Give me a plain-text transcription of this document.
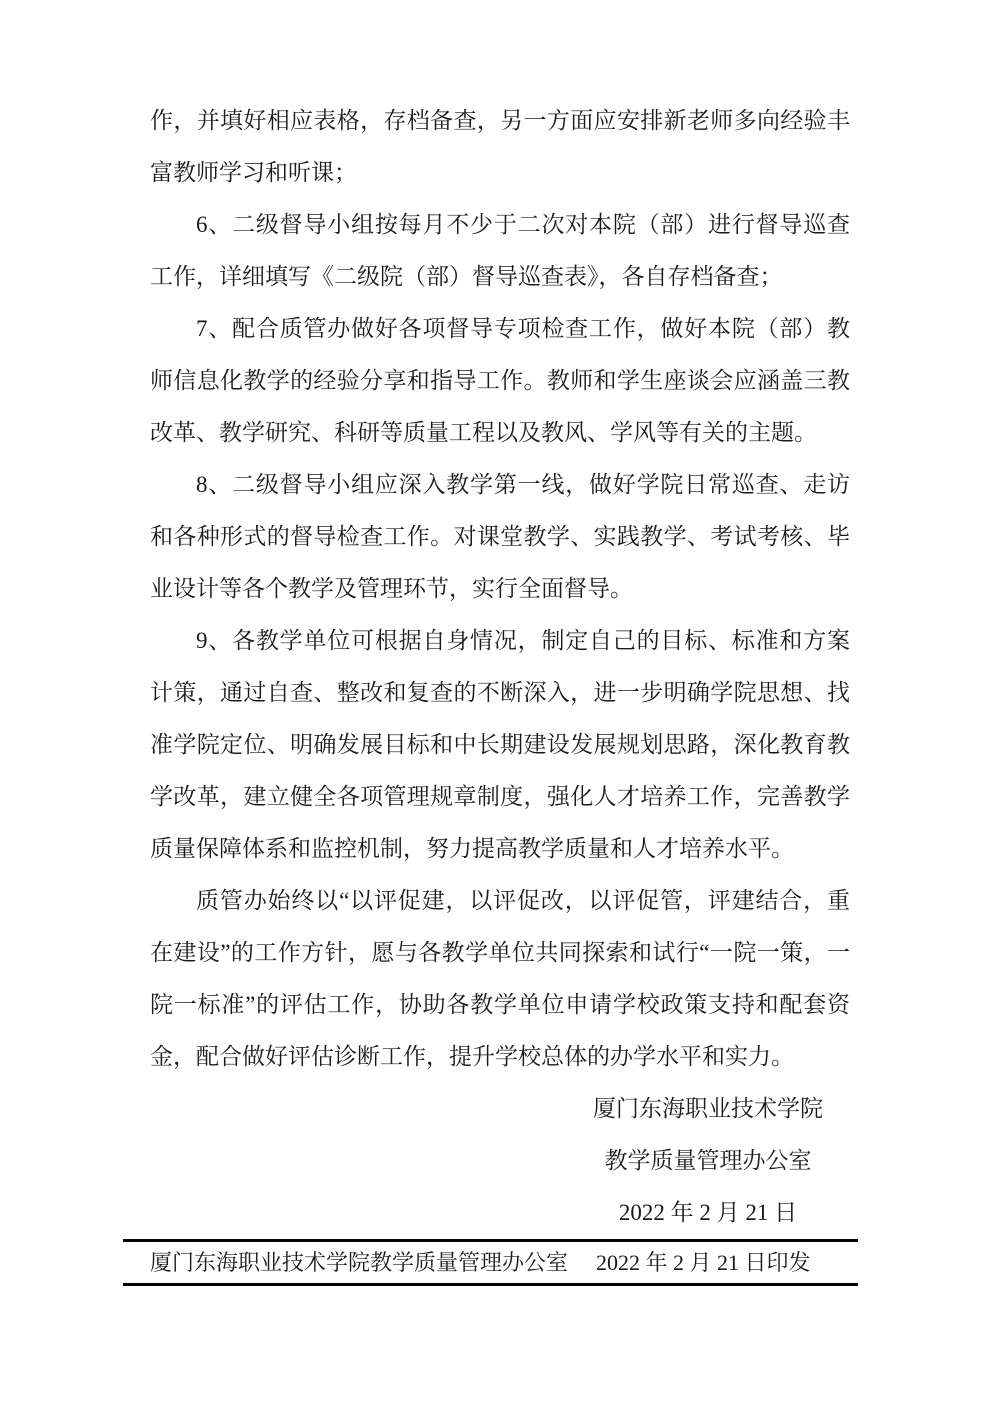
作，并填好相应表格，存档备查，另一方面应安排新老师多向经验丰富教师学习和听课；

6、二级督导小组按每月不少于二次对本院（部）进行督导巡查工作，详细填写《二级院（部）督导巡查表》，各自存档备查；

7、配合质管办做好各项督导专项检查工作，做好本院（部）教师信息化教学的经验分享和指导工作。教师和学生座谈会应涵盖三教改革、教学研究、科研等质量工程以及教风、学风等有关的主题。

8、二级督导小组应深入教学第一线，做好学院日常巡查、走访和各种形式的督导检查工作。对课堂教学、实践教学、考试考核、毕业设计等各个教学及管理环节，实行全面督导。

9、各教学单位可根据自身情况，制定自己的目标、标准和方案计策，通过自查、整改和复查的不断深入，进一步明确学院思想、找准学院定位、明确发展目标和中长期建设发展规划思路，深化教育教学改革，建立健全各项管理规章制度，强化人才培养工作，完善教学质量保障体系和监控机制，努力提高教学质量和人才培养水平。

质管办始终以“以评促建，以评促改，以评促管，评建结合，重在建设”的工作方针，愿与各教学单位共同探索和试行“一院一策，一院一标准”的评估工作，协助各教学单位申请学校政策支持和配套资金，配合做好评估诊断工作，提升学校总体的办学水平和实力。

厦门东海职业技术学院
教学质量管理办公室
2022 年 2 月 21 日
厦门东海职业技术学院教学质量管理办公室 2022 年 2 月 21 日印发
